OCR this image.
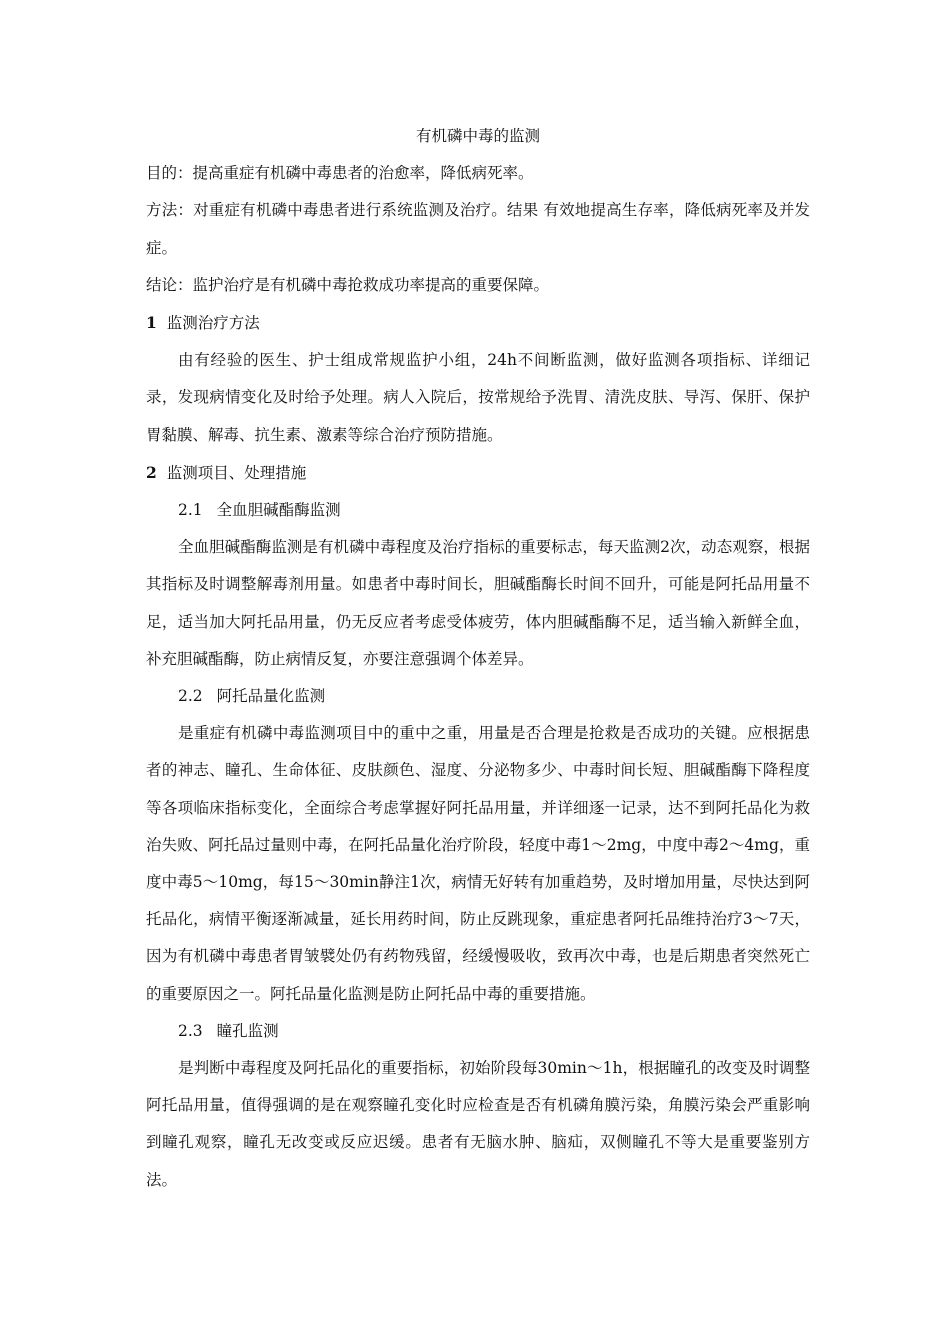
有机磷中毒的监测

目的：提高重症有机磷中毒患者的治愈率，降低病死率。

方法：对重症有机磷中毒患者进行系统监测及治疗。结果 有效地提高生存率，降低病死率及并发症。

结论：监护治疗是有机磷中毒抢救成功率提高的重要保障。

1 监测治疗方法

由有经验的医生、护士组成常规监护小组，24h不间断监测，做好监测各项指标、详细记录，发现病情变化及时给予处理。病人入院后，按常规给予洗胃、清洗皮肤、导泻、保肝、保护胃黏膜、解毒、抗生素、激素等综合治疗预防措施。

2 监测项目、处理措施
2.1 全血胆碱酯酶监测

全血胆碱酯酶监测是有机磷中毒程度及治疗指标的重要标志，每天监测2次，动态观察，根据其指标及时调整解毒剂用量。如患者中毒时间长，胆碱酯酶长时间不回升，可能是阿托品用量不足，适当加大阿托品用量，仍无反应者考虑受体疲劳，体内胆碱酯酶不足，适当输入新鲜全血，补充胆碱酯酶，防止病情反复，亦要注意强调个体差异。

2.2 阿托品量化监测

是重症有机磷中毒监测项目中的重中之重，用量是否合理是抢救是否成功的关键。应根据患者的神志、瞳孔、生命体征、皮肤颜色、湿度、分泌物多少、中毒时间长短、胆碱酯酶下降程度等各项临床指标变化，全面综合考虑掌握好阿托品用量，并详细逐一记录，达不到阿托品化为救治失败、阿托品过量则中毒，在阿托品量化治疗阶段，轻度中毒1～2mg，中度中毒2～4mg，重度中毒5～10mg，每15～30min静注1次，病情无好转有加重趋势，及时增加用量，尽快达到阿托品化，病情平衡逐渐减量，延长用药时间，防止反跳现象，重症患者阿托品维持治疗3～7天，因为有机磷中毒患者胃皱襞处仍有药物残留，经缓慢吸收，致再次中毒，也是后期患者突然死亡的重要原因之一。阿托品量化监测是防止阿托品中毒的重要措施。

2.3 瞳孔监测

是判断中毒程度及阿托品化的重要指标，初始阶段每30min～1h，根据瞳孔的改变及时调整阿托品用量，值得强调的是在观察瞳孔变化时应检查是否有机磷角膜污染，角膜污染会严重影响到瞳孔观察，瞳孔无改变或反应迟缓。患者有无脑水肿、脑疝，双侧瞳孔不等大是重要鉴别方法。
